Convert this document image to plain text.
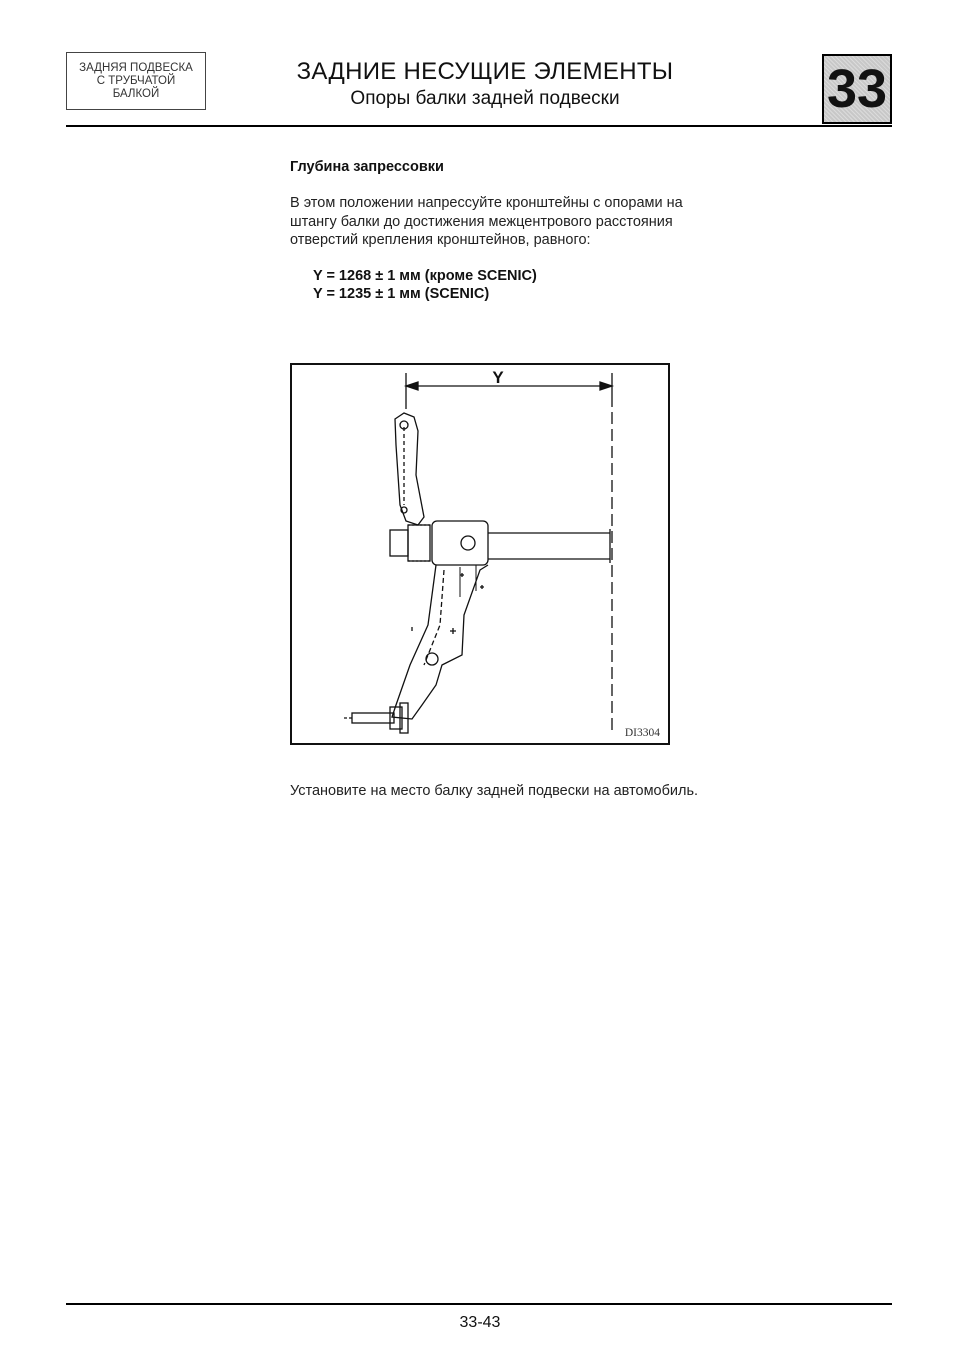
ЗАДНЯЯ ПОДВЕСКА
С ТРУБЧАТОЙ
БАЛКОЙ
ЗАДНИЕ НЕСУЩИЕ ЭЛЕМЕНТЫ
Опоры балки задней подвески	33

Глубина запрессовки

В этом положении напрессуйте кронштейны с опорами на штангу балки до достижения межцентрового расстояния отверстий крепления кронштейнов, равного:

Y = 1268 ± 1 мм (кроме SCENIC)
Y = 1235 ± 1 мм (SCENIC)
Y
DI3304

Установите на место балку задней подвески на автомобиль.

33-43
